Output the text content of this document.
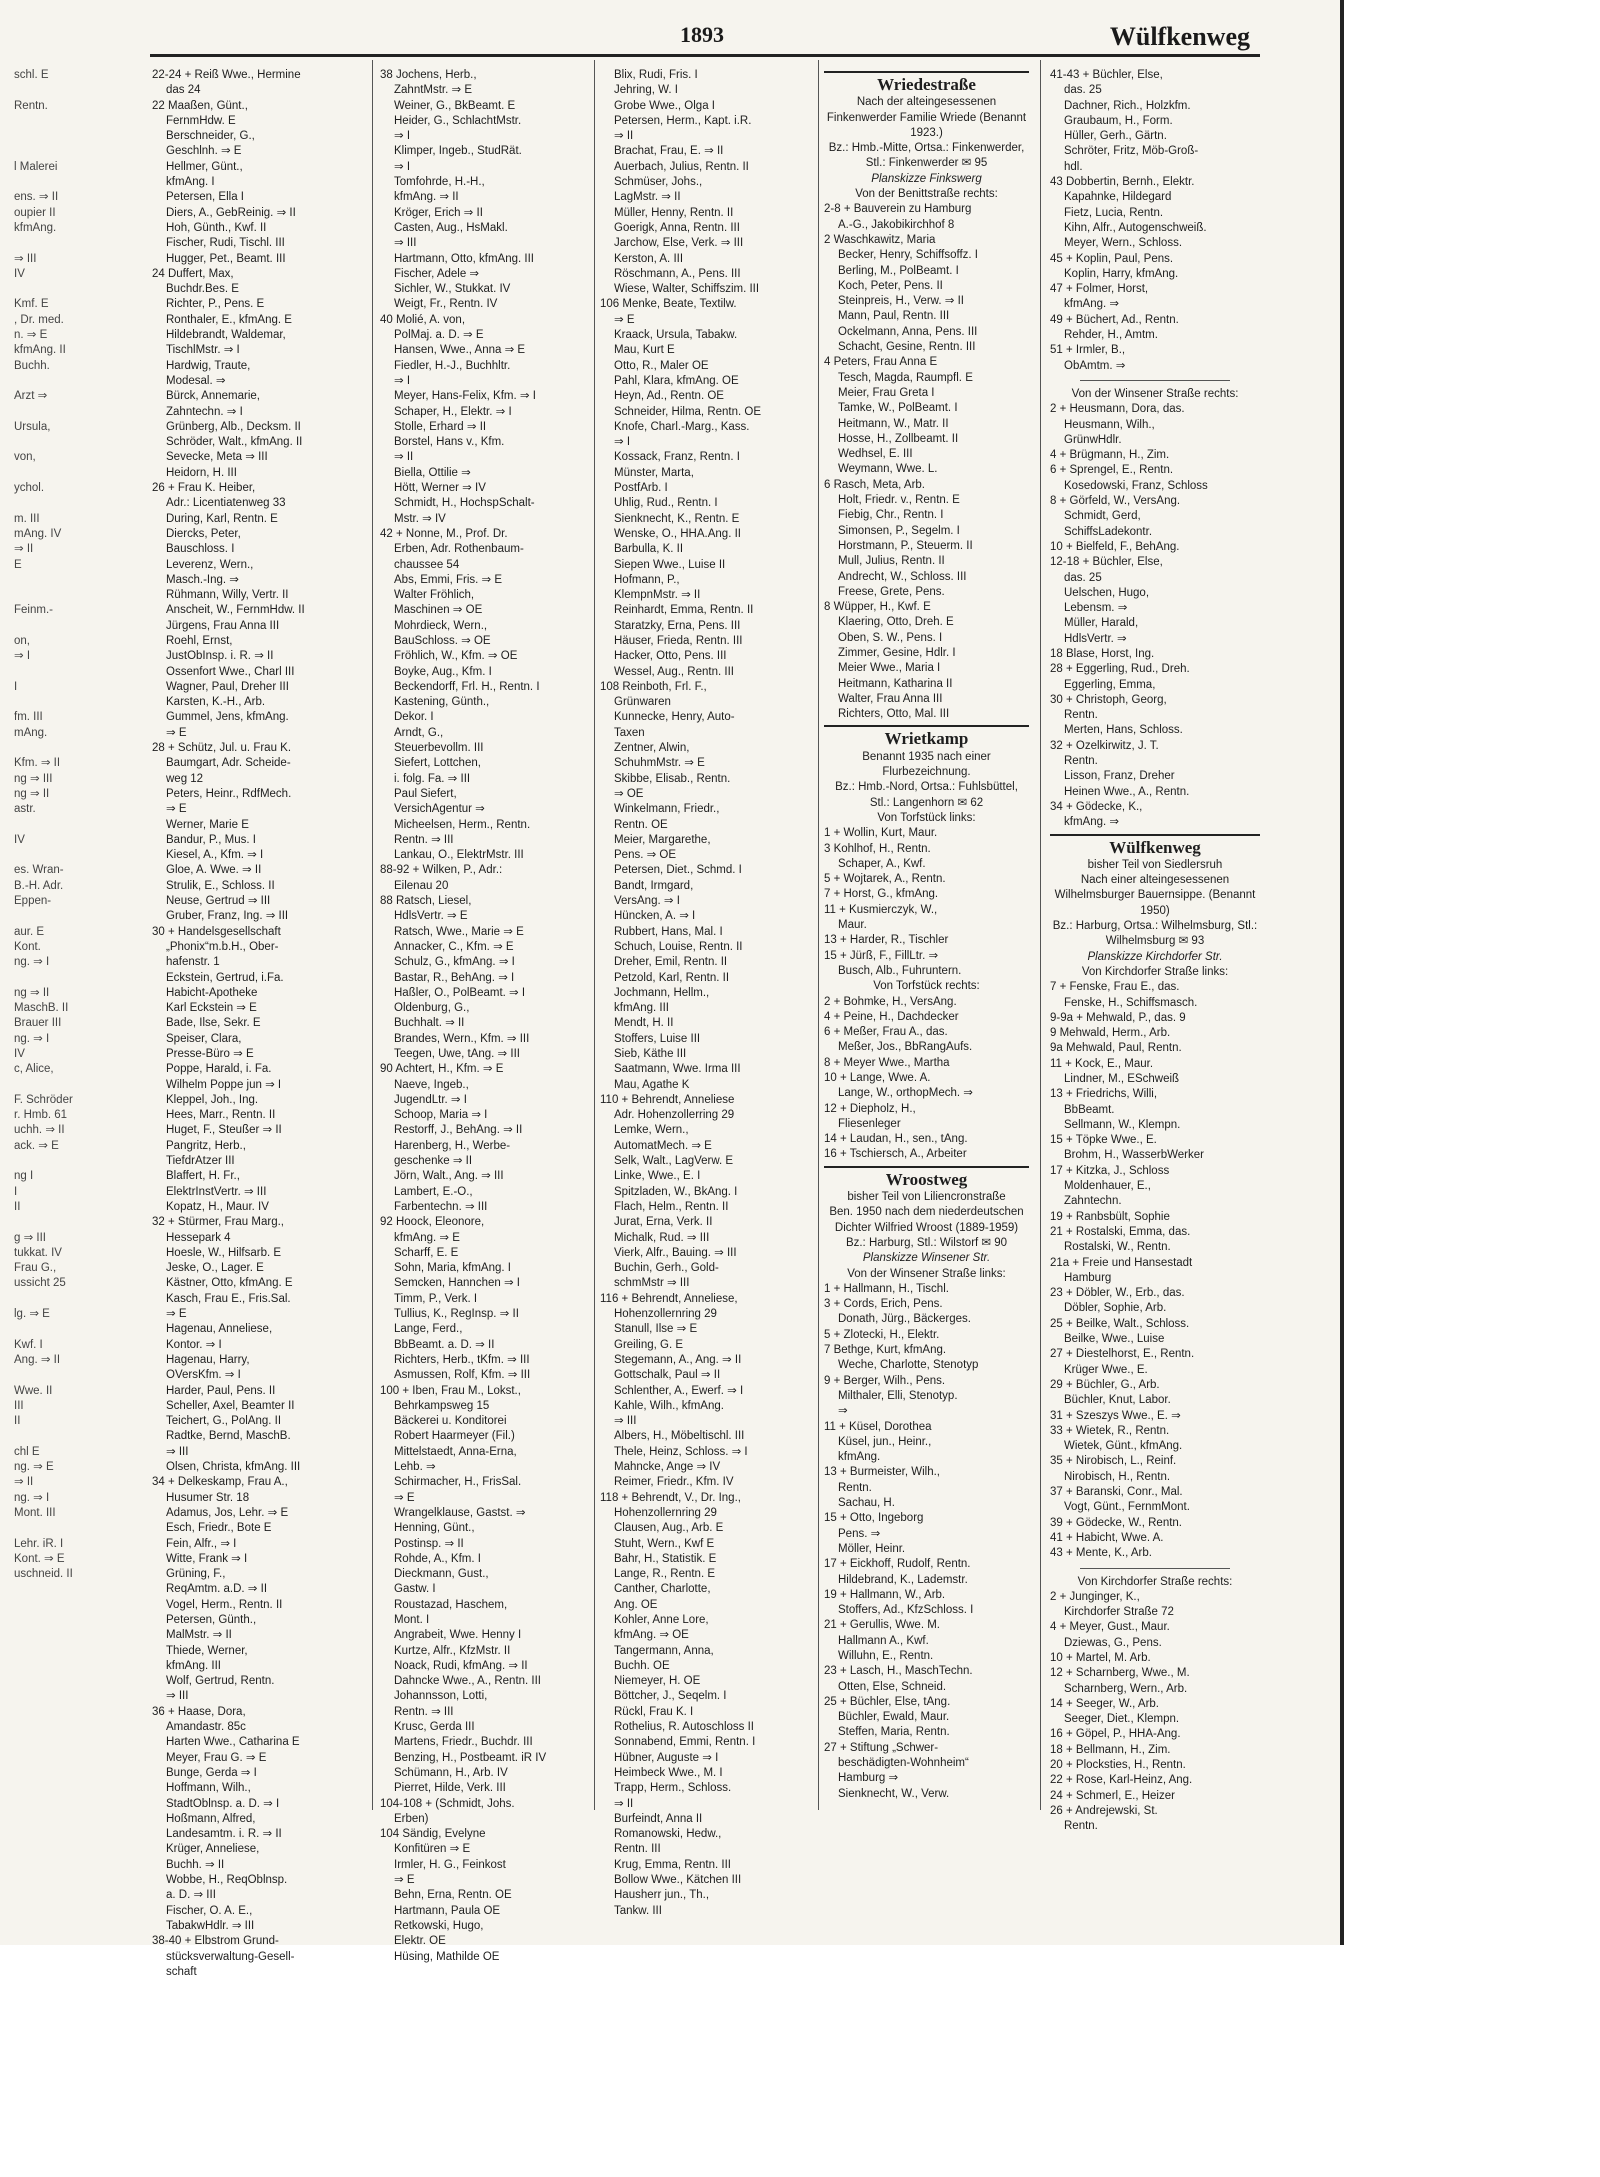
1893	Wülfkenweg
schl. E

Rentn.

l Malerei

ens. ⇒ II
oupier II
kfmAng.

⇒ III
IV

Kmf. E
, Dr. med.
n. ⇒ E
kfmAng. II
Buchh.

Arzt ⇒

Ursula,

von,

ychol.

m. III
mAng. IV
⇒ II
E

Feinm.-

on,
⇒ I

I

fm. III
mAng.

Kfm. ⇒ II
ng ⇒ III
ng ⇒ II
astr.

IV

es. Wran-
B.-H. Adr.
Eppen-

aur. E
Kont.
ng. ⇒ I

ng ⇒ II
MaschB. II
Brauer III
ng. ⇒ I
IV
c, Alice,

F. Schröder
r. Hmb. 61
uchh. ⇒ II
ack. ⇒ E

ng I
I
II

g ⇒ III
tukkat. IV
Frau G.,
ussicht 25

lg. ⇒ E

Kwf. I
Ang. ⇒ II

Wwe. II
III
II

chl E
ng. ⇒ E
⇒ II
ng. ⇒ I
Mont. III

Lehr. iR. I
Kont. ⇒ E
uschneid. II
22-24 + Reiß Wwe., Hermine
das 24
22 Maaßen, Günt.,
FernmHdw. E
Berschneider, G.,
Geschlnh. ⇒ E
Hellmer, Günt.,
kfmAng. I
Petersen, Ella I
Diers, A., GebReinig. ⇒ II
Hoh, Günth., Kwf. II
Fischer, Rudi, Tischl. III
Hugger, Pet., Beamt. III
24 Duffert, Max,
Buchdr.Bes. E
Richter, P., Pens. E
Ronthaler, E., kfmAng. E
Hildebrandt, Waldemar,
TischlMstr. ⇒ I
Hardwig, Traute,
Modesal. ⇒
Bürck, Annemarie,
Zahntechn. ⇒ I
Grünberg, Alb., Decksm. II
Schröder, Walt., kfmAng. II
Sevecke, Meta ⇒ III
Heidorn, H. III
26 + Frau K. Heiber,
Adr.: Licentiatenweg 33
During, Karl, Rentn. E
Diercks, Peter,
Bauschloss. I
Leverenz, Wern.,
Masch.-Ing. ⇒
Rühmann, Willy, Vertr. II
Anscheit, W., FernmHdw. II
Jürgens, Frau Anna III
Roehl, Ernst,
JustObInsp. i. R. ⇒ II
Ossenfort Wwe., Charl III
Wagner, Paul, Dreher III
Karsten, K.-H., Arb.
Gummel, Jens, kfmAng.
⇒ E
28 + Schütz, Jul. u. Frau K.
Baumgart, Adr. Scheide-
weg 12
Peters, Heinr., RdfMech.
⇒ E
Werner, Marie E
Bandur, P., Mus. I
Kiesel, A., Kfm. ⇒ I
Gloe, A. Wwe. ⇒ II
Strulik, E., Schloss. II
Neuse, Gertrud ⇒ III
Gruber, Franz, Ing. ⇒ III
30 + Handelsgesellschaft
„Phonix“m.b.H., Ober-
hafenstr. 1
Eckstein, Gertrud, i.Fa.
Habicht-Apotheke
Karl Eckstein ⇒ E
Bade, Ilse, Sekr. E
Speiser, Clara,
Presse-Büro ⇒ E
Poppe, Harald, i. Fa.
Wilhelm Poppe jun ⇒ I
Kleppel, Joh., Ing.
Hees, Marr., Rentn. II
Huget, F., Steußer ⇒ II
Pangritz, Herb.,
TiefdrAtzer III
Blaffert, H. Fr.,
ElektrInstVertr. ⇒ III
Kopatz, H., Maur. IV
32 + Stürmer, Frau Marg.,
Hessepark 4
Hoesle, W., Hilfsarb. E
Jeske, O., Lager. E
Kästner, Otto, kfmAng. E
Kasch, Frau E., Fris.Sal.
⇒ E
Hagenau, Anneliese,
Kontor. ⇒ I
Hagenau, Harry,
OVersKfm. ⇒ I
Harder, Paul, Pens. II
Scheller, Axel, Beamter II
Teichert, G., PolAng. II
Radtke, Bernd, MaschB.
⇒ III
Olsen, Christa, kfmAng. III
34 + Delkeskamp, Frau A.,
Husumer Str. 18
Adamus, Jos, Lehr. ⇒ E
Esch, Friedr., Bote E
Fein, Alfr., ⇒ I
Witte, Frank ⇒ I
Grüning, F.,
ReqAmtm. a.D. ⇒ II
Vogel, Herm., Rentn. II
Petersen, Günth.,
MalMstr. ⇒ II
Thiede, Werner,
kfmAng. III
Wolf, Gertrud, Rentn.
⇒ III
36 + Haase, Dora,
Amandastr. 85c
Harten Wwe., Catharina E
Meyer, Frau G. ⇒ E
Bunge, Gerda ⇒ I
Hoffmann, Wilh.,
StadtOblnsp. a. D. ⇒ I
Hoßmann, Alfred,
Landesamtm. i. R. ⇒ II
Krüger, Anneliese,
Buchh. ⇒ II
Wobbe, H., ReqOblnsp.
a. D. ⇒ III
Fischer, O. A. E.,
TabakwHdlr. ⇒ III
38-40 + Elbstrom Grund-
stücksverwaltung-Gesell-
schaft
38 Jochens, Herb.,
ZahntMstr. ⇒ E
Weiner, G., BkBeamt. E
Heider, G., SchlachtMstr.
⇒ I
Klimper, Ingeb., StudRät.
⇒ I
Tomfohrde, H.-H.,
kfmAng. ⇒ II
Kröger, Erich ⇒ II
Casten, Aug., HsMakl.
⇒ III
Hartmann, Otto, kfmAng. III
Fischer, Adele ⇒
Sichler, W., Stukkat. IV
Weigt, Fr., Rentn. IV
40 Molié, A. von,
PolMaj. a. D. ⇒ E
Hansen, Wwe., Anna ⇒ E
Fiedler, H.-J., Buchhltr.
⇒ I
Meyer, Hans-Felix, Kfm. ⇒ I
Schaper, H., Elektr. ⇒ I
Stolle, Erhard ⇒ II
Borstel, Hans v., Kfm.
⇒ II
Biella, Ottilie ⇒
Hött, Werner ⇒ IV
Schmidt, H., HochspSchalt-
Mstr. ⇒ IV
42 + Nonne, M., Prof. Dr.
Erben, Adr. Rothenbaum-
chaussee 54
Abs, Emmi, Fris. ⇒ E
Walter Fröhlich,
Maschinen ⇒ OE
Mohrdieck, Wern.,
BauSchloss. ⇒ OE
Fröhlich, W., Kfm. ⇒ OE
Boyke, Aug., Kfm. I
Beckendorff, Frl. H., Rentn. I
Kastening, Günth.,
Dekor. I
Arndt, G.,
Steuerbevollm. III
Siefert, Lottchen,
i. folg. Fa. ⇒ III
Paul Siefert,
VersichAgentur ⇒
Micheelsen, Herm., Rentn.
Rentn. ⇒ III
Lankau, O., ElektrMstr. III
88-92 + Wilken, P., Adr.:
Eilenau 20
88 Ratsch, Liesel,
HdlsVertr. ⇒ E
Ratsch, Wwe., Marie ⇒ E
Annacker, C., Kfm. ⇒ E
Schulz, G., kfmAng. ⇒ I
Bastar, R., BehAng. ⇒ I
Haßler, O., PolBeamt. ⇒ I
Oldenburg, G.,
Buchhalt. ⇒ II
Brandes, Wern., Kfm. ⇒ III
Teegen, Uwe, tAng. ⇒ III
90 Achtert, H., Kfm. ⇒ E
Naeve, Ingeb.,
JugendLtr. ⇒ I
Schoop, Maria ⇒ I
Restorff, J., BehAng. ⇒ II
Harenberg, H., Werbe-
geschenke ⇒ II
Jörn, Walt., Ang. ⇒ III
Lambert, E.-O.,
Farbentechn. ⇒ III
92 Hoock, Eleonore,
kfmAng. ⇒ E
Scharff, E. E
Sohn, Maria, kfmAng. I
Semcken, Hannchen ⇒ I
Timm, P., Verk. I
Tullius, K., RegInsp. ⇒ II
Lange, Ferd.,
BbBeamt. a. D. ⇒ II
Richters, Herb., tKfm. ⇒ III
Asmussen, Rolf, Kfm. ⇒ III
100 + Iben, Frau M., Lokst.,
Behrkampsweg 15
Bäckerei u. Konditorei
Robert Haarmeyer (Fil.)
Mittelstaedt, Anna-Erna,
Lehb. ⇒
Schirmacher, H., FrisSal.
⇒ E
Wrangelklause, Gastst. ⇒
Henning, Günt.,
Postinsp. ⇒ II
Rohde, A., Kfm. I
Dieckmann, Gust.,
Gastw. I
Roustazad, Haschem,
Mont. I
Angrabeit, Wwe. Henny I
Kurtze, Alfr., KfzMstr. II
Noack, Rudi, kfmAng. ⇒ II
Dahncke Wwe., A., Rentn. III
Johannsson, Lotti,
Rentn. ⇒ III
Krusc, Gerda III
Martens, Friedr., Buchdr. III
Benzing, H., Postbeamt. iR IV
Schümann, H., Arb. IV
Pierret, Hilde, Verk. III
104-108 + (Schmidt, Johs.
Erben)
104 Sändig, Evelyne
Konfitüren ⇒ E
Irmler, H. G., Feinkost
⇒ E
Behn, Erna, Rentn. OE
Hartmann, Paula OE
Retkowski, Hugo,
Elektr. OE
Hüsing, Mathilde OE
Blix, Rudi, Fris. I
Jehring, W. I
Grobe Wwe., Olga I
Petersen, Herm., Kapt. i.R.
⇒ II
Brachat, Frau, E. ⇒ II
Auerbach, Julius, Rentn. II
Schmüser, Johs.,
LagMstr. ⇒ II
Müller, Henny, Rentn. II
Goerigk, Anna, Rentn. III
Jarchow, Else, Verk. ⇒ III
Kerston, A. III
Röschmann, A., Pens. III
Wiese, Walter, Schiffszim. III
106 Menke, Beate, Textilw.
⇒ E
Kraack, Ursula, Tabakw.
Mau, Kurt E
Otto, R., Maler OE
Pahl, Klara, kfmAng. OE
Heyn, Ad., Rentn. OE
Schneider, Hilma, Rentn. OE
Knofe, Charl.-Marg., Kass.
⇒ I
Kossack, Franz, Rentn. I
Münster, Marta,
PostfArb. I
Uhlig, Rud., Rentn. I
Sienknecht, K., Rentn. E
Wenske, O., HHA.Ang. II
Barbulla, K. II
Siepen Wwe., Luise II
Hofmann, P.,
KlempnMstr. ⇒ II
Reinhardt, Emma, Rentn. II
Staratzky, Erna, Pens. III
Häuser, Frieda, Rentn. III
Hacker, Otto, Pens. III
Wessel, Aug., Rentn. III
108 Reinboth, Frl. F.,
Grünwaren
Kunnecke, Henry, Auto-
Taxen
Zentner, Alwin,
SchuhmMstr. ⇒ E
Skibbe, Elisab., Rentn.
⇒ OE
Winkelmann, Friedr.,
Rentn. OE
Meier, Margarethe,
Pens. ⇒ OE
Petersen, Diet., Schmd. I
Bandt, Irmgard,
VersAng. ⇒ I
Hüncken, A. ⇒ I
Rubbert, Hans, Mal. I
Schuch, Louise, Rentn. II
Dreher, Emil, Rentn. II
Petzold, Karl, Rentn. II
Jochmann, Hellm.,
kfmAng. III
Mendt, H. II
Stoffers, Luise III
Sieb, Käthe III
Saatmann, Wwe. Irma III
Mau, Agathe K
110 + Behrendt, Anneliese
Adr. Hohenzollerring 29
Lemke, Wern.,
AutomatMech. ⇒ E
Selk, Walt., LagVerw. E
Linke, Wwe., E. I
Spitzladen, W., BkAng. I
Flach, Helm., Rentn. II
Jurat, Erna, Verk. II
Michalk, Rud. ⇒ III
Vierk, Alfr., Bauing. ⇒ III
Buchin, Gerh., Gold-
schmMstr ⇒ III
116 + Behrendt, Anneliese,
Hohenzollernring 29
Stanull, Ilse ⇒ E
Greiling, G. E
Stegemann, A., Ang. ⇒ II
Gottschalk, Paul ⇒ II
Schlenther, A., Ewerf. ⇒ I
Kahle, Wilh., kfmAng.
⇒ III
Albers, H., Möbeltischl. III
Thele, Heinz, Schloss. ⇒ I
Mahncke, Ange ⇒ IV
Reimer, Friedr., Kfm. IV
118 + Behrendt, V., Dr. Ing.,
Hohenzollernring 29
Clausen, Aug., Arb. E
Stuht, Wern., Kwf E
Bahr, H., Statistik. E
Lange, R., Rentn. E
Canther, Charlotte,
Ang. OE
Kohler, Anne Lore,
kfmAng. ⇒ OE
Tangermann, Anna,
Buchh. OE
Niemeyer, H. OE
Böttcher, J., Seqelm. I
Rückl, Frau K. I
Rothelius, R. Autoschloss II
Sonnabend, Emmi, Rentn. I
Hübner, Auguste ⇒ I
Heimbeck Wwe., M. I
Trapp, Herm., Schloss.
⇒ II
Burfeindt, Anna II
Romanowski, Hedw.,
Rentn. III
Krug, Emma, Rentn. III
Bollow Wwe., Kätchen III
Hausherr jun., Th.,
Tankw. III
Wriedestraße
Nach der alteingesessenen Finkenwerder Familie Wriede (Benannt 1923.)
Bz.: Hmb.-Mitte, Ortsa.: Finkenwerder, Stl.: Finkenwerder ✉ 95
Planskizze Finkswerg
Von der Benittstraße rechts:
2-8 + Bauverein zu Hamburg
A.-G., Jakobikirchhof 8
2 Waschkawitz, Maria
Becker, Henry, Schiffsoffz. I
Berling, M., PolBeamt. I
Koch, Peter, Pens. II
Steinpreis, H., Verw. ⇒ II
Mann, Paul, Rentn. III
Ockelmann, Anna, Pens. III
Schacht, Gesine, Rentn. III
4 Peters, Frau Anna E
Tesch, Magda, Raumpfl. E
Meier, Frau Greta I
Tamke, W., PolBeamt. I
Heitmann, W., Matr. II
Hosse, H., Zollbeamt. II
Wedhsel, E. III
Weymann, Wwe. L.
6 Rasch, Meta, Arb.
Holt, Friedr. v., Rentn. E
Fiebig, Chr., Rentn. I
Simonsen, P., Segelm. I
Horstmann, P., Steuerm. II
Mull, Julius, Rentn. II
Andrecht, W., Schloss. III
Freese, Grete, Pens.
8 Wüpper, H., Kwf. E
Klaering, Otto, Dreh. E
Oben, S. W., Pens. I
Zimmer, Gesine, Hdlr. I
Meier Wwe., Maria I
Heitmann, Katharina II
Walter, Frau Anna III
Richters, Otto, Mal. III
Wrietkamp
Benannt 1935 nach einer Flurbezeichnung.
Bz.: Hmb.-Nord, Ortsa.: Fuhlsbüttel, Stl.: Langenhorn ✉ 62
Von Torfstück links:
1 + Wollin, Kurt, Maur.
3 Kohlhof, H., Rentn.
Schaper, A., Kwf.
5 + Wojtarek, A., Rentn.
7 + Horst, G., kfmAng.
11 + Kusmierczyk, W.,
Maur.
13 + Harder, R., Tischler
15 + Jürß, F., FillLtr. ⇒
Busch, Alb., Fuhruntern.
Von Torfstück rechts:
2 + Bohmke, H., VersAng.
4 + Peine, H., Dachdecker
6 + Meßer, Frau A., das.
Meßer, Jos., BbRangAufs.
8 + Meyer Wwe., Martha
10 + Lange, Wwe. A.
Lange, W., orthopMech. ⇒
12 + Diepholz, H.,
Fliesenleger
14 + Laudan, H., sen., tAng.
16 + Tschiersch, A., Arbeiter
Wroostweg
bisher Teil von Liliencronstraße
Ben. 1950 nach dem niederdeutschen Dichter Wilfried Wroost (1889-1959)
Bz.: Harburg, Stl.: Wilstorf ✉ 90
Planskizze Winsener Str.
Von der Winsener Straße links:
1 + Hallmann, H., Tischl.
3 + Cords, Erich, Pens.
Donath, Jürg., Bäckerges.
5 + Zlotecki, H., Elektr.
7 Bethge, Kurt, kfmAng.
Weche, Charlotte, Stenotyp
9 + Berger, Wilh., Pens.
Milthaler, Elli, Stenotyp.
⇒
11 + Küsel, Dorothea
Küsel, jun., Heinr.,
kfmAng.
13 + Burmeister, Wilh.,
Rentn.
Sachau, H.
15 + Otto, Ingeborg
Pens. ⇒
Möller, Heinr.
17 + Eickhoff, Rudolf, Rentn.
Hildebrand, K., Lademstr.
19 + Hallmann, W., Arb.
Stoffers, Ad., KfzSchloss. I
21 + Gerullis, Wwe. M.
Hallmann A., Kwf.
Willuhn, E., Rentn.
23 + Lasch, H., MaschTechn.
Otten, Else, Schneid.
25 + Büchler, Else, tAng.
Büchler, Ewald, Maur.
Steffen, Maria, Rentn.
27 + Stiftung „Schwer-
beschädigten-Wohnheim“
Hamburg ⇒
Sienknecht, W., Verw.
41-43 + Büchler, Else,
das. 25
Dachner, Rich., Holzkfm.
Graubaum, H., Form.
Hüller, Gerh., Gärtn.
Schröter, Fritz, Möb-Groß-
hdl.
43 Dobbertin, Bernh., Elektr.
Kapahnke, Hildegard
Fietz, Lucia, Rentn.
Kihn, Alfr., Autogenschweiß.
Meyer, Wern., Schloss.
45 + Koplin, Paul, Pens.
Koplin, Harry, kfmAng.
47 + Folmer, Horst,
kfmAng. ⇒
49 + Büchert, Ad., Rentn.
Rehder, H., Amtm.
51 + Irmler, B.,
ObAmtm. ⇒
Von der Winsener Straße rechts:
2 + Heusmann, Dora, das.
Heusmann, Wilh.,
GrünwHdlr.
4 + Brügmann, H., Zim.
6 + Sprengel, E., Rentn.
Kosedowski, Franz, Schloss
8 + Görfeld, W., VersAng.
Schmidt, Gerd,
SchiffsLadekontr.
10 + Bielfeld, F., BehAng.
12-18 + Büchler, Else,
das. 25
Uelschen, Hugo,
Lebensm. ⇒
Müller, Harald,
HdlsVertr. ⇒
18 Blase, Horst, Ing.
28 + Eggerling, Rud., Dreh.
Eggerling, Emma,
30 + Christoph, Georg,
Rentn.
Merten, Hans, Schloss.
32 + Ozelkirwitz, J. T.
Rentn.
Lisson, Franz, Dreher
Heinen Wwe., A., Rentn.
34 + Gödecke, K.,
kfmAng. ⇒
Wülfkenweg
bisher Teil von Siedlersruh
Nach einer alteingesessenen Wilhelmsburger Bauernsippe. (Benannt 1950)
Bz.: Harburg, Ortsa.: Wilhelmsburg, Stl.: Wilhelmsburg ✉ 93
Planskizze Kirchdorfer Str.
Von Kirchdorfer Straße links:
7 + Fenske, Frau E., das.
Fenske, H., Schiffsmasch.
9-9a + Mehwald, P., das. 9
9 Mehwald, Herm., Arb.
9a Mehwald, Paul, Rentn.
11 + Kock, E., Maur.
Lindner, M., ESchweiß
13 + Friedrichs, Willi,
BbBeamt.
Sellmann, W., Klempn.
15 + Töpke Wwe., E.
Brohm, H., WasserbWerker
17 + Kitzka, J., Schloss
Moldenhauer, E.,
Zahntechn.
19 + Ranbsbült, Sophie
21 + Rostalski, Emma, das.
Rostalski, W., Rentn.
21a + Freie und Hansestadt
Hamburg
23 + Döbler, W., Erb., das.
Döbler, Sophie, Arb.
25 + Beilke, Walt., Schloss.
Beilke, Wwe., Luise
27 + Diestelhorst, E., Rentn.
Krüger Wwe., E.
29 + Büchler, G., Arb.
Büchler, Knut, Labor.
31 + Szeszys Wwe., E. ⇒
33 + Wietek, R., Rentn.
Wietek, Günt., kfmAng.
35 + Nirobisch, L., Reinf.
Nirobisch, H., Rentn.
37 + Baranski, Conr., Mal.
Vogt, Günt., FernmMont.
39 + Gödecke, W., Rentn.
41 + Habicht, Wwe. A.
43 + Mente, K., Arb.
Von Kirchdorfer Straße rechts:
2 + Junginger, K.,
Kirchdorfer Straße 72
4 + Meyer, Gust., Maur.
Dziewas, G., Pens.
10 + Martel, M. Arb.
12 + Scharnberg, Wwe., M.
Scharnberg, Wern., Arb.
14 + Seeger, W., Arb.
Seeger, Diet., Klempn.
16 + Göpel, P., HHA-Ang.
18 + Bellmann, H., Zim.
20 + Plocksties, H., Rentn.
22 + Rose, Karl-Heinz, Ang.
24 + Schmerl, E., Heizer
26 + Andrejewski, St.
Rentn.
